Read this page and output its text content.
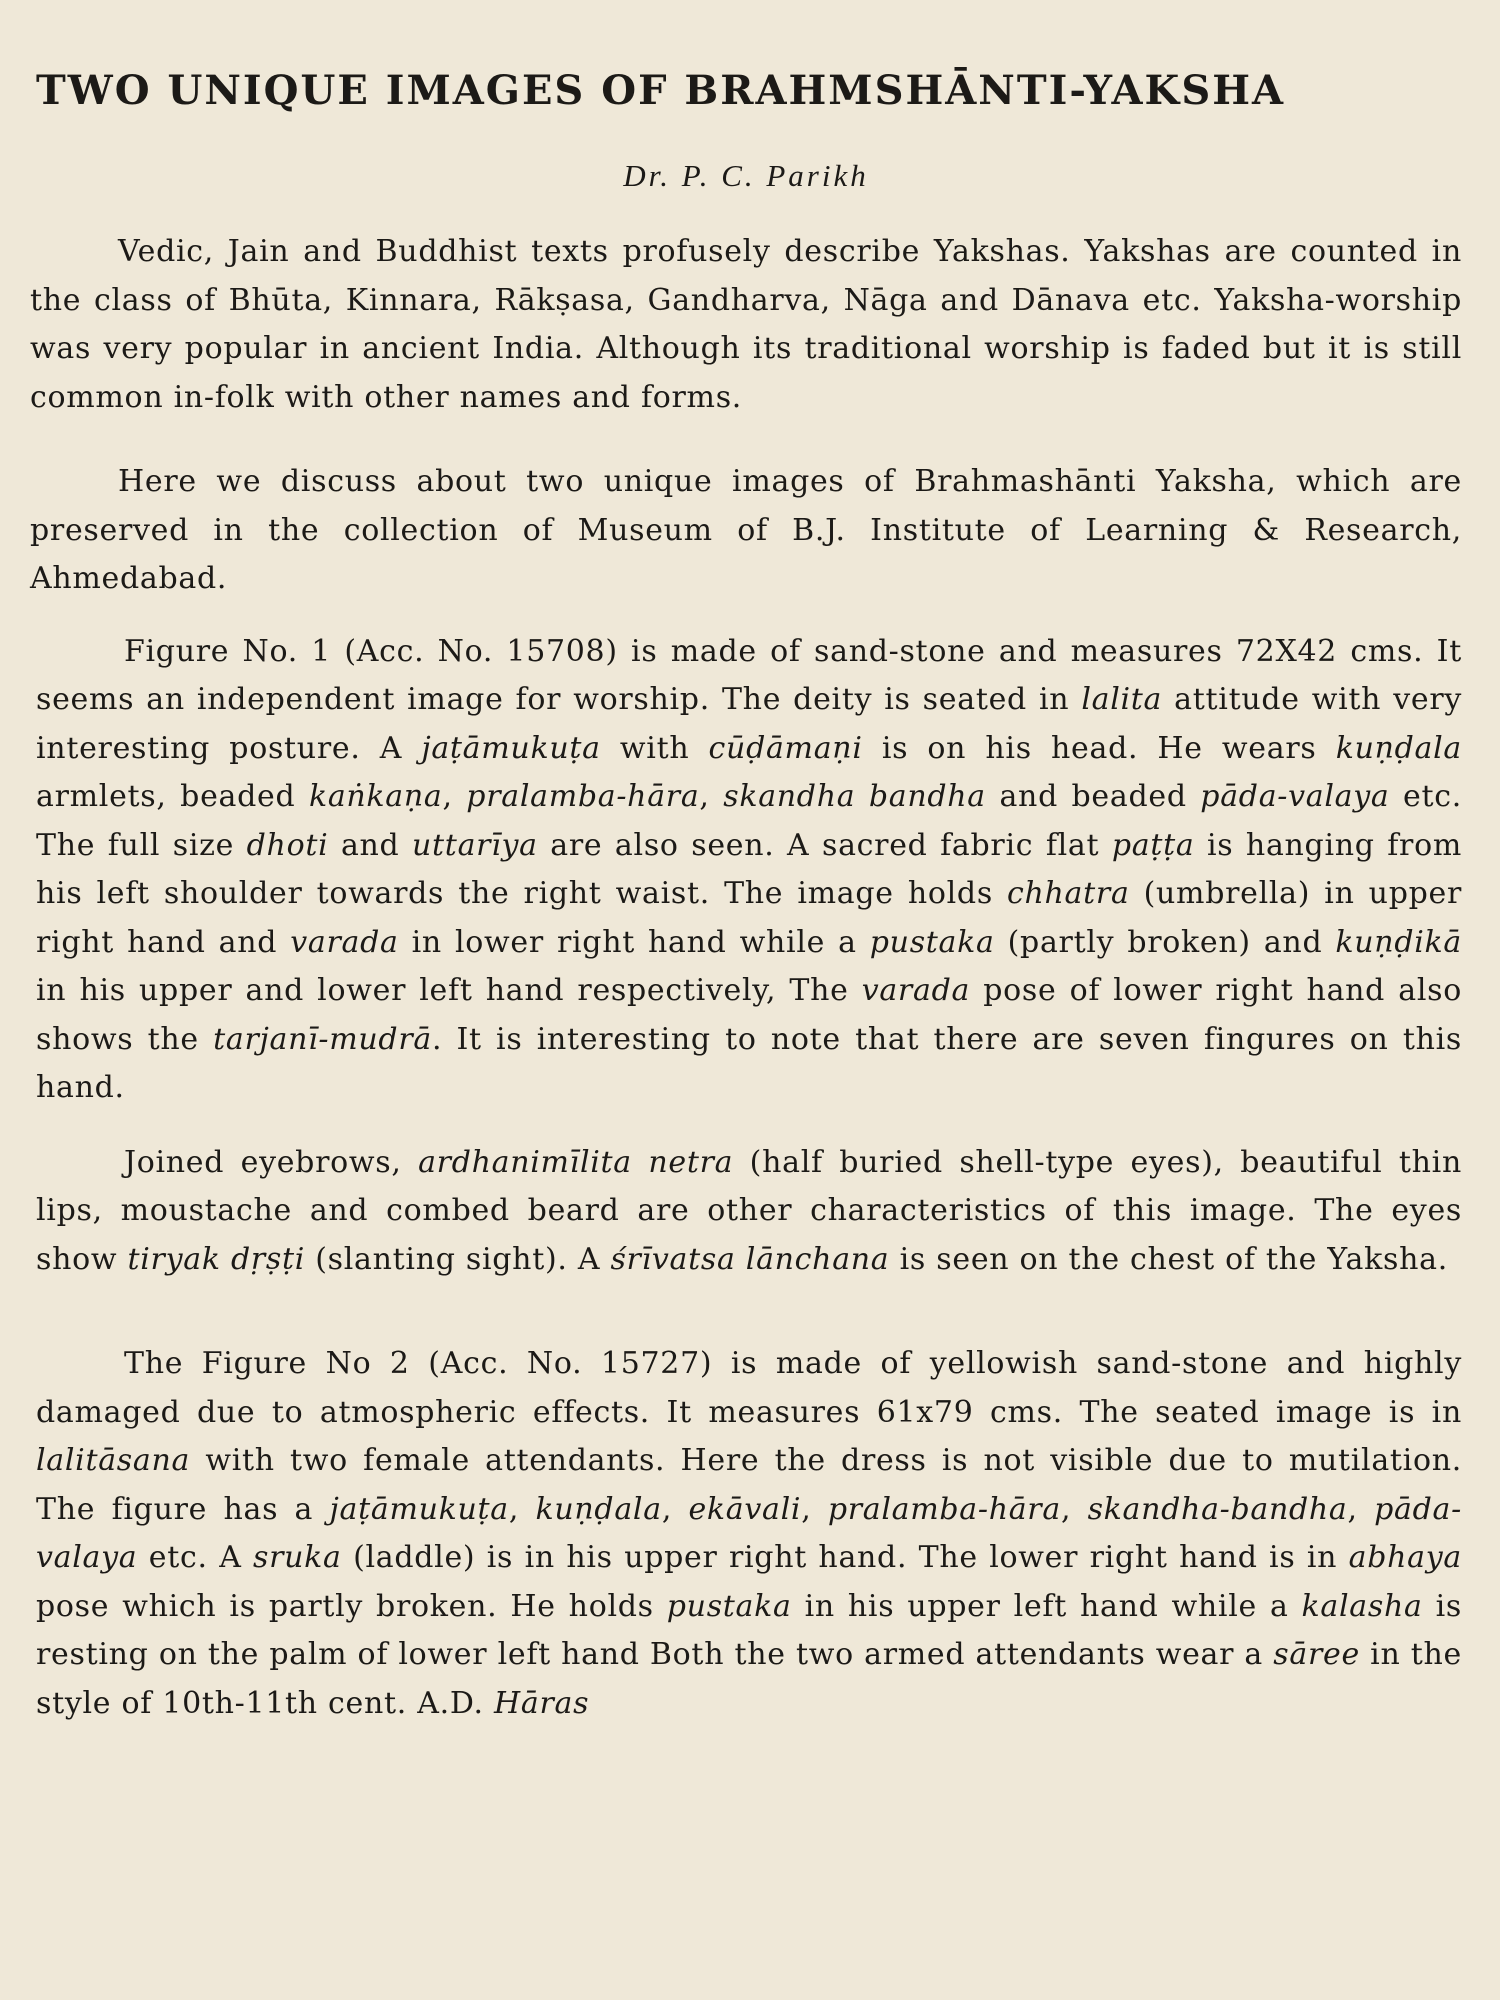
TWO UNIQUE IMAGES OF BRAHMSHĀNTI-YAKSHA
Dr. P. C. Parikh

Vedic, Jain and Buddhist texts profusely describe Yakshas. Yakshas are counted in the class of Bhūta, Kinnara, Rākṣasa, Gandharva, Nāga and Dānava etc. Yaksha-worship was very popular in ancient India. Although its traditional worship is faded but it is still common in-folk with other names and forms.

Here we discuss about two unique images of Brahmashānti Yaksha, which are preserved in the collection of Museum of B.J. Institute of Learning & Research, Ahmedabad.

Figure No. 1 (Acc. No. 15708) is made of sand-stone and measures 72X42 cms. It seems an independent image for worship. The deity is seated in lalita attitude with very interesting posture. A jaṭāmukuṭa with cūḍāmaṇi is on his head. He wears kuṇḍala armlets, beaded kaṅkaṇa, pralamba-hāra, skandha bandha and beaded pāda-valaya etc. The full size dhoti and uttarīya are also seen. A sacred fabric flat paṭṭa is hanging from his left shoulder towards the right waist. The image holds chhatra (umbrella) in upper right hand and varada in lower right hand while a pustaka (partly broken) and kuṇḍikā in his upper and lower left hand respectively, The varada pose of lower right hand also shows the tarjanī-mudrā. It is interesting to note that there are seven fingures on this hand.

Joined eyebrows, ardhanimīlita netra (half buried shell-type eyes), beautiful thin lips, moustache and combed beard are other characteristics of this image. The eyes show tiryak dṛṣṭi (slanting sight). A śrīvatsa lānchana is seen on the chest of the Yaksha.

The Figure No 2 (Acc. No. 15727) is made of yellowish sand-stone and highly damaged due to atmospheric effects. It measures 61x79 cms. The seated image is in lalitāsana with two female attendants. Here the dress is not visible due to mutilation. The figure has a jaṭāmukuṭa, kuṇḍala, ekāvali, pralamba-hāra, skandha-bandha, pāda-valaya etc. A sruka (laddle) is in his upper right hand. The lower right hand is in abhaya pose which is partly broken. He holds pustaka in his upper left hand while a kalasha is resting on the palm of lower left hand Both the two armed attendants wear a sāree in the style of 10th-11th cent. A.D. Hāras
